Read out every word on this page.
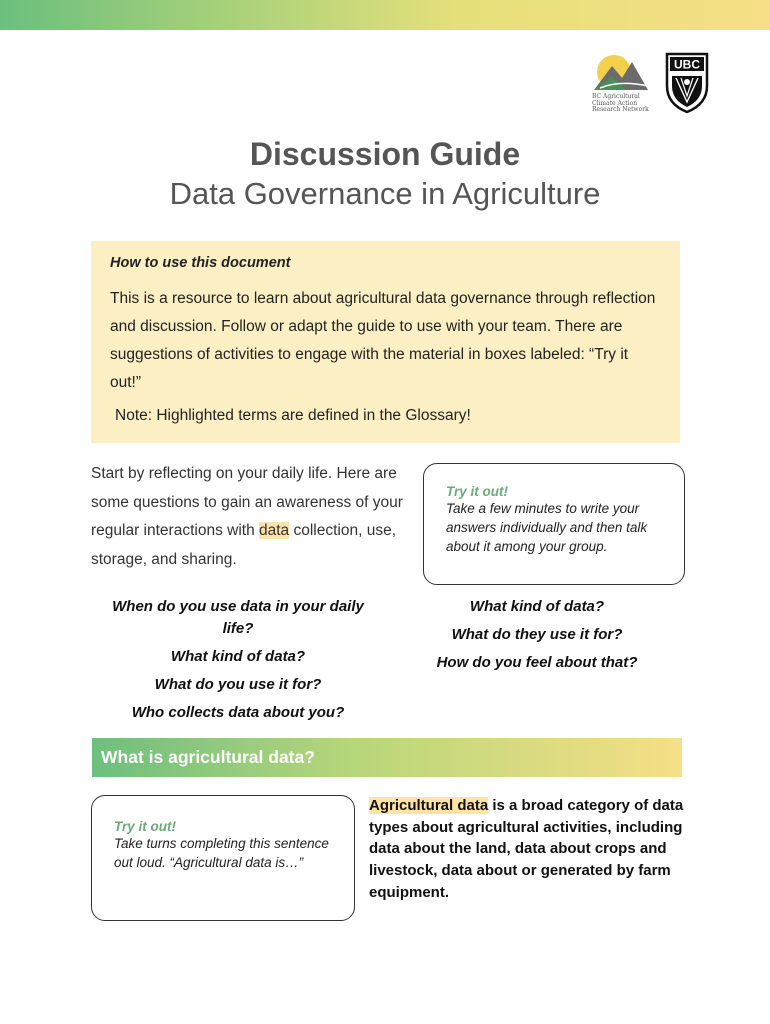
BC Agricultural
Climate Action
Research Network
UBC
Discussion Guide
Data Governance in Agriculture
How to use this document
This is a resource to learn about agricultural data governance through reflection and discussion. Follow or adapt the guide to use with your team. There are suggestions of activities to engage with the material in boxes labeled: “Try it out!”
Note: Highlighted terms are defined in the Glossary!
Start by reflecting on your daily life. Here are some questions to gain an awareness of your regular interactions with data collection, use, storage, and sharing.
Try it out!
Take a few minutes to write your answers individually and then talk about it among your group.
When do you use data in your daily life?
What kind of data?
What do you use it for?
Who collects data about you?
What kind of data?
What do they use it for?
How do you feel about that?
What is agricultural data?
Try it out!
Take turns completing this sentence out loud. “Agricultural data is…”
Agricultural data is a broad category of data types about agricultural activities, including data about the land, data about crops and livestock, data about or generated by farm equipment.
